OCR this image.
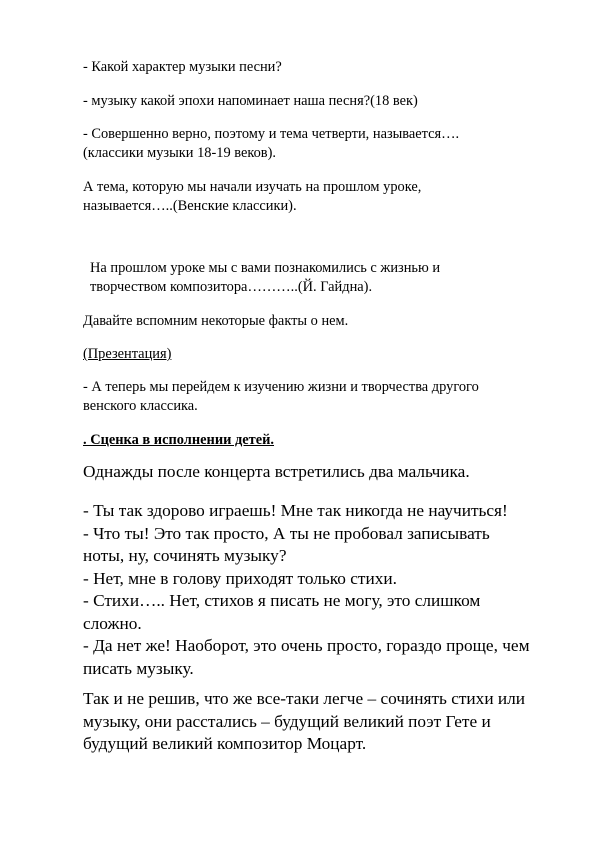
- Какой характер музыки песни?

- музыку какой эпохи напоминает наша песня?(18 век)

- Совершенно верно, поэтому и тема четверти, называется….
(классики музыки 18-19 веков).

А тема, которую мы начали изучать на прошлом уроке,
называется…..(Венские классики).

На прошлом уроке мы с вами познакомились с жизнью и
творчеством композитора………..(Й. Гайдна).

Давайте вспомним некоторые факты о нем.

(Презентация)

- А теперь мы перейдем к изучению жизни и творчества другого
венского классика.

. Сценка в исполнении детей.

Однажды после концерта встретились два мальчика.

- Ты так здорово играешь! Мне так никогда не научиться!
- Что ты! Это так просто, А ты не пробовал записывать
ноты, ну, сочинять музыку?
- Нет, мне в голову приходят только стихи.
- Стихи….. Нет, стихов я писать не могу, это слишком
сложно.
- Да нет же! Наоборот, это очень просто, гораздо проще, чем
писать музыку.

Так и не решив, что же все-таки легче – сочинять стихи или
музыку, они расстались – будущий великий поэт Гете и
будущий великий композитор Моцарт.
